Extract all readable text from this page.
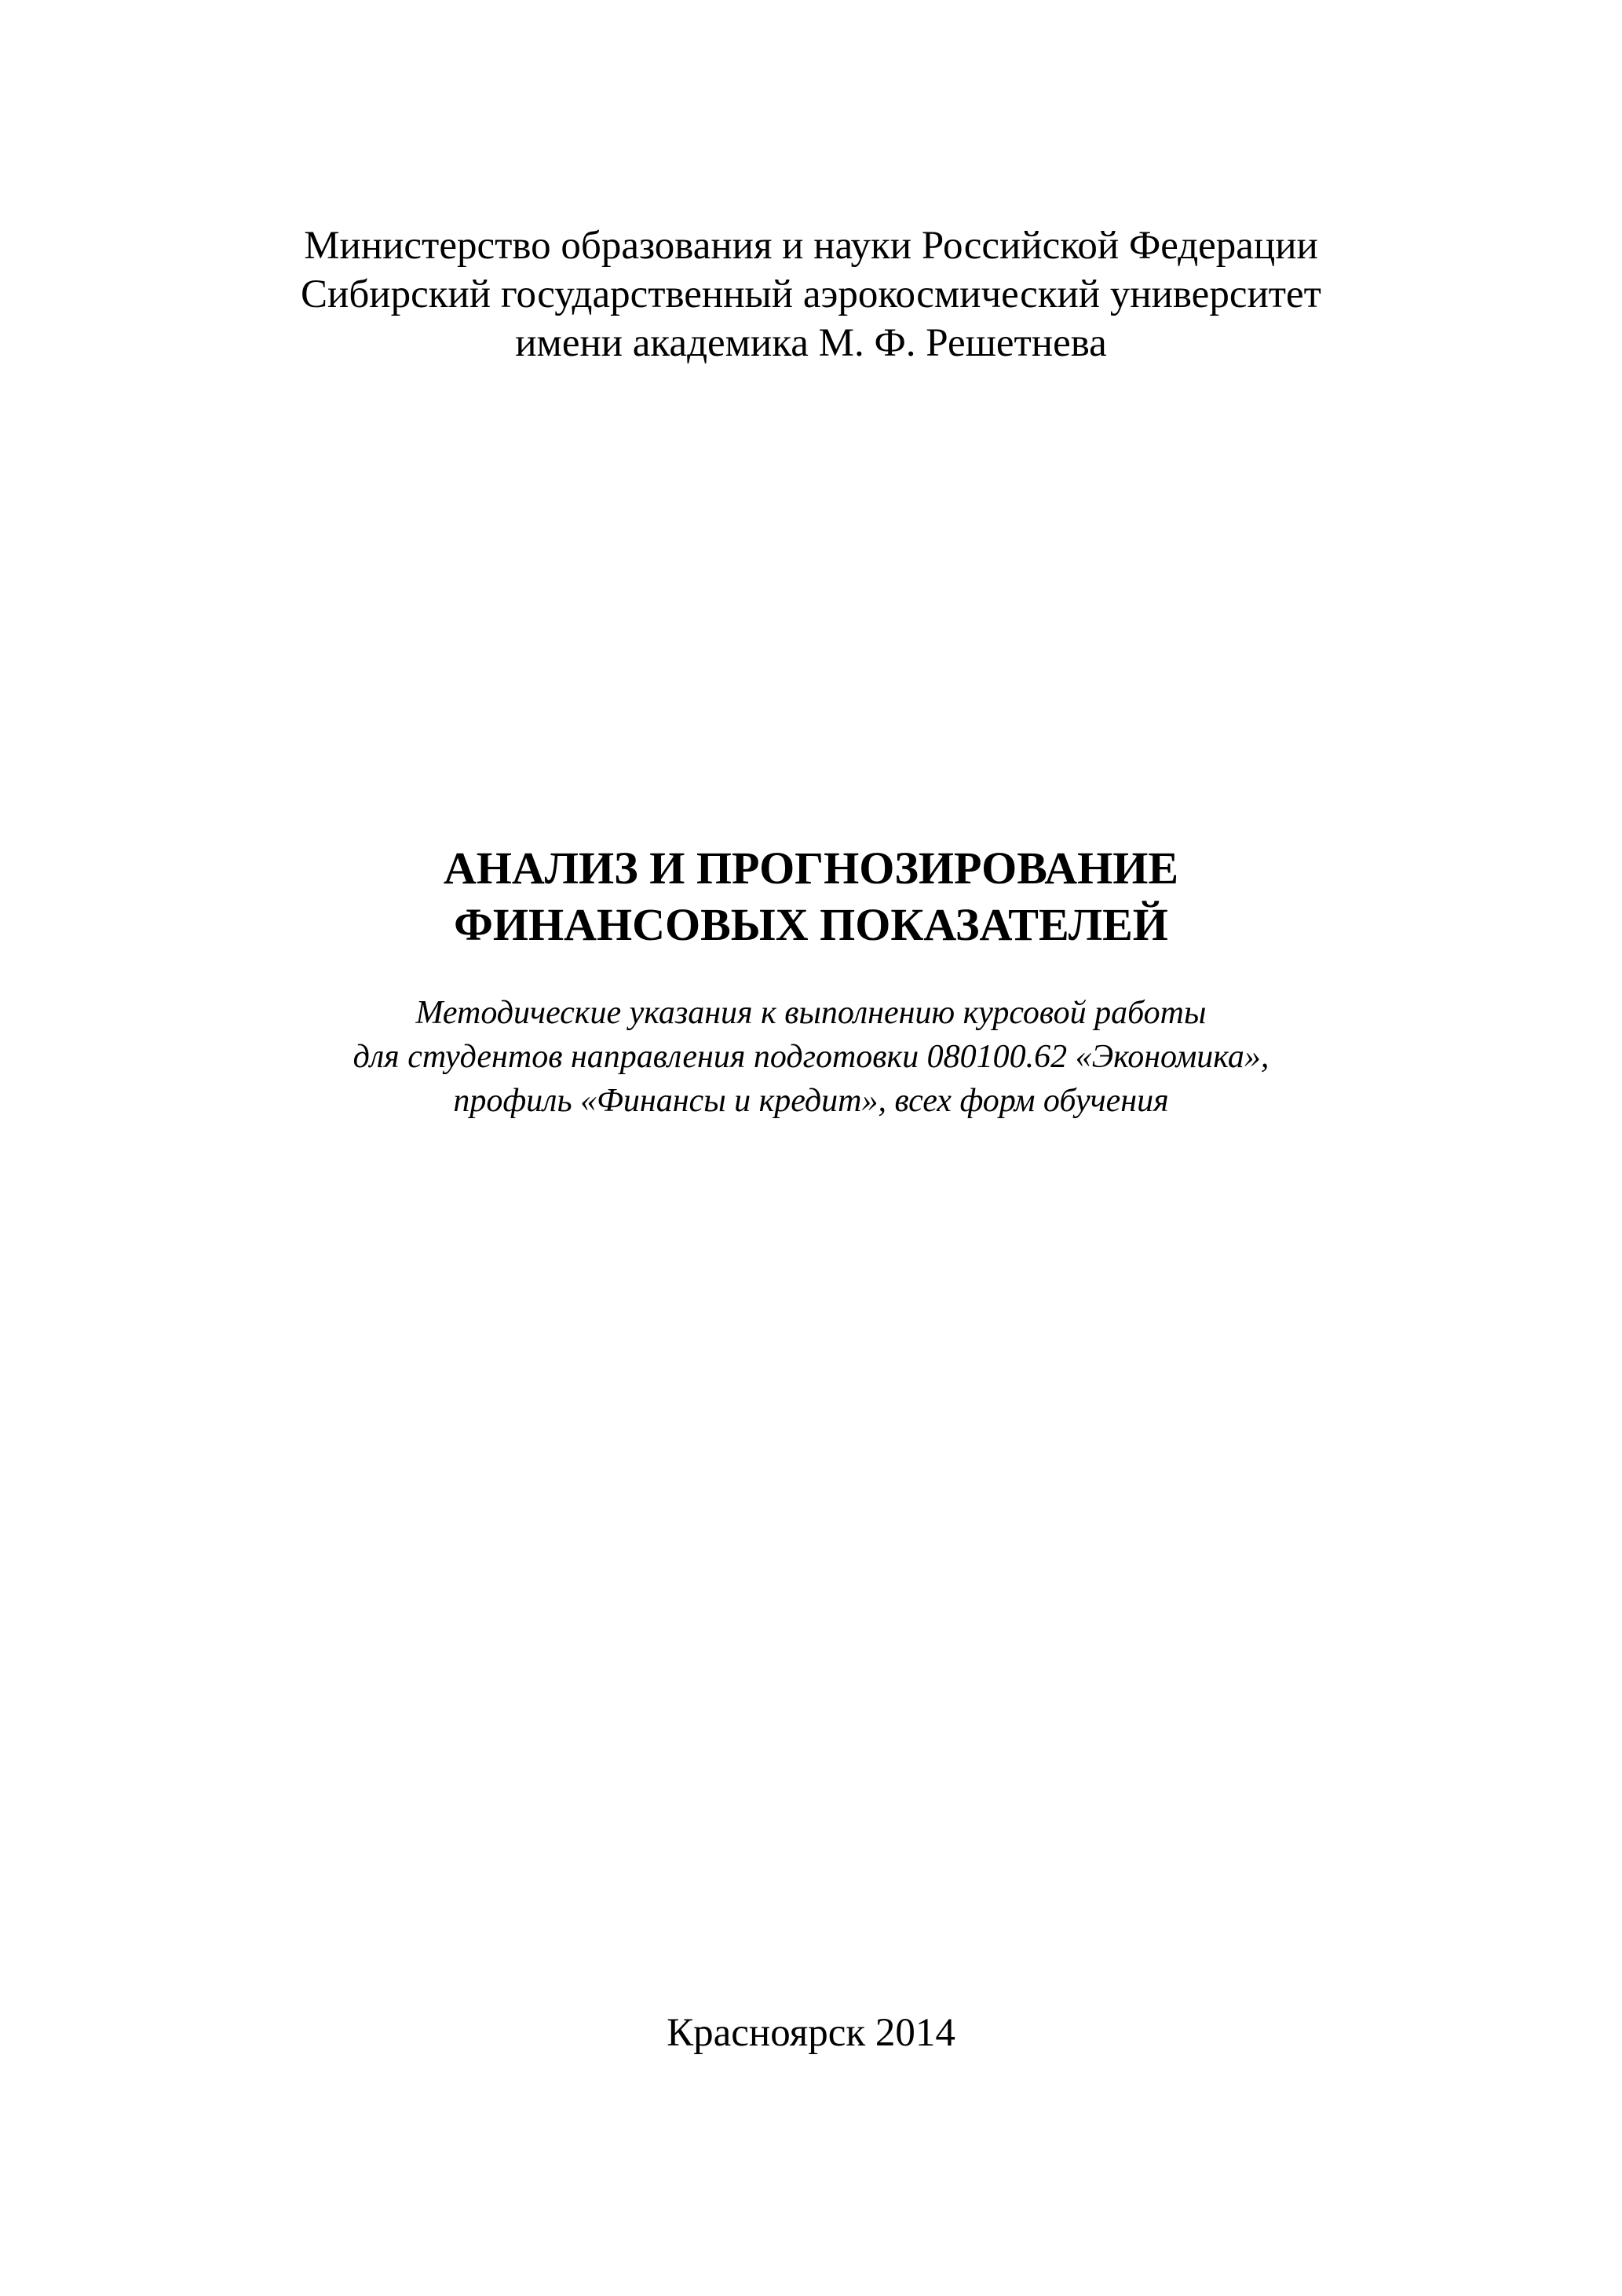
Министерство образования и науки Российской Федерации
Сибирский государственный аэрокосмический университет
имени академика М. Ф. Решетнева
АНАЛИЗ И ПРОГНОЗИРОВАНИЕ
ФИНАНСОВЫХ ПОКАЗАТЕЛЕЙ
Методические указания к выполнению курсовой работы
для студентов направления подготовки 080100.62 «Экономика»,
профиль «Финансы и кредит», всех форм обучения
Красноярск 2014
